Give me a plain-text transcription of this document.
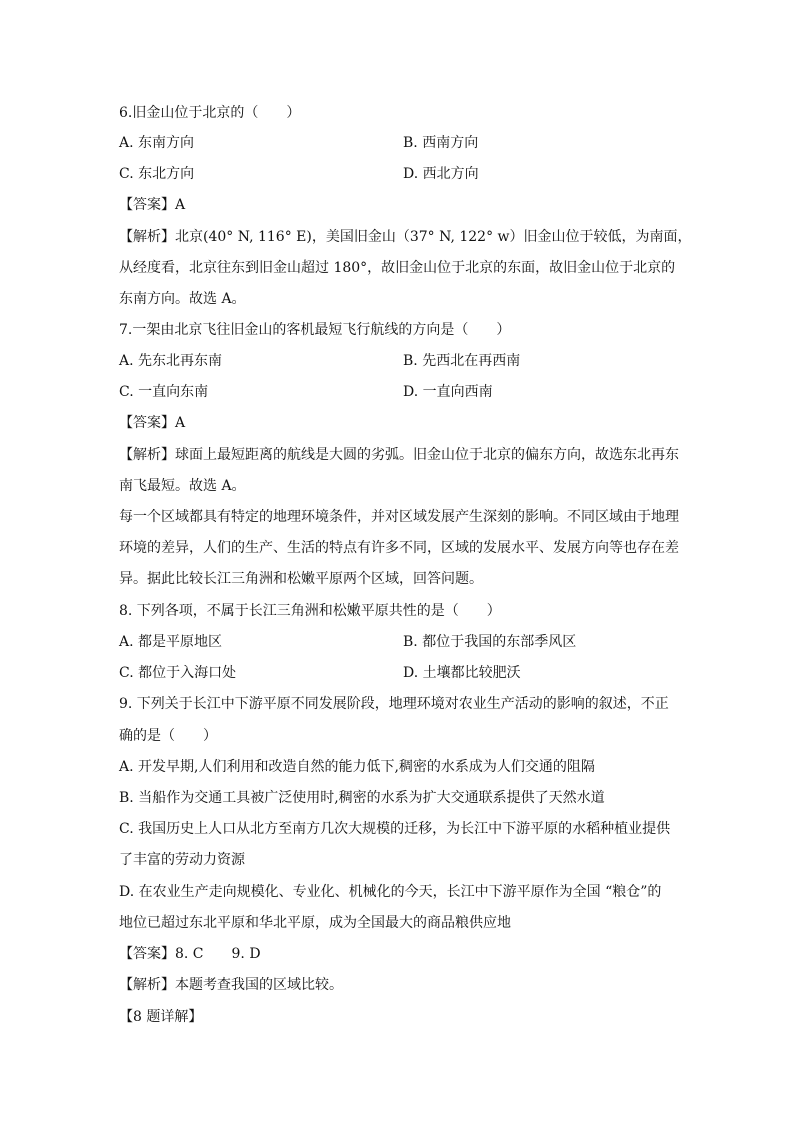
6.旧金山位于北京的（　　）
A. 东南方向	B. 西南方向
C. 东北方向	D. 西北方向
【答案】A
【解析】北京(40° N, 116° E)，美国旧金山（37° N, 122° w）旧金山位于较低，为南面，
从经度看，北京往东到旧金山超过 180°，故旧金山位于北京的东面，故旧金山位于北京的
东南方向。故选 A。
7.一架由北京飞往旧金山的客机最短飞行航线的方向是（　　）
A. 先东北再东南	B. 先西北在再西南
C. 一直向东南	D. 一直向西南
【答案】A
【解析】球面上最短距离的航线是大圆的劣弧。旧金山位于北京的偏东方向，故选东北再东
南飞最短。故选 A。
每一个区域都具有特定的地理环境条件，并对区域发展产生深刻的影响。不同区域由于地理
环境的差异，人们的生产、生活的特点有许多不同，区域的发展水平、发展方向等也存在差
异。据此比较长江三角洲和松嫩平原两个区域，回答问题。
8. 下列各项，不属于长江三角洲和松嫩平原共性的是（　　）
A. 都是平原地区	B. 都位于我国的东部季风区
C. 都位于入海口处	D. 土壤都比较肥沃
9. 下列关于长江中下游平原不同发展阶段，地理环境对农业生产活动的影响的叙述，不正
确的是（　　）
A. 开发早期,人们利用和改造自然的能力低下,稠密的水系成为人们交通的阻隔
B. 当船作为交通工具被广泛使用时,稠密的水系为扩大交通联系提供了天然水道
C. 我国历史上人口从北方至南方几次大规模的迁移，为长江中下游平原的水稻种植业提供
了丰富的劳动力资源
D. 在农业生产走向规模化、专业化、机械化的今天，长江中下游平原作为全国 “粮仓”的
地位已超过东北平原和华北平原，成为全国最大的商品粮供应地
【答案】8. C　　9. D
【解析】本题考查我国的区域比较。
【8 题详解】
